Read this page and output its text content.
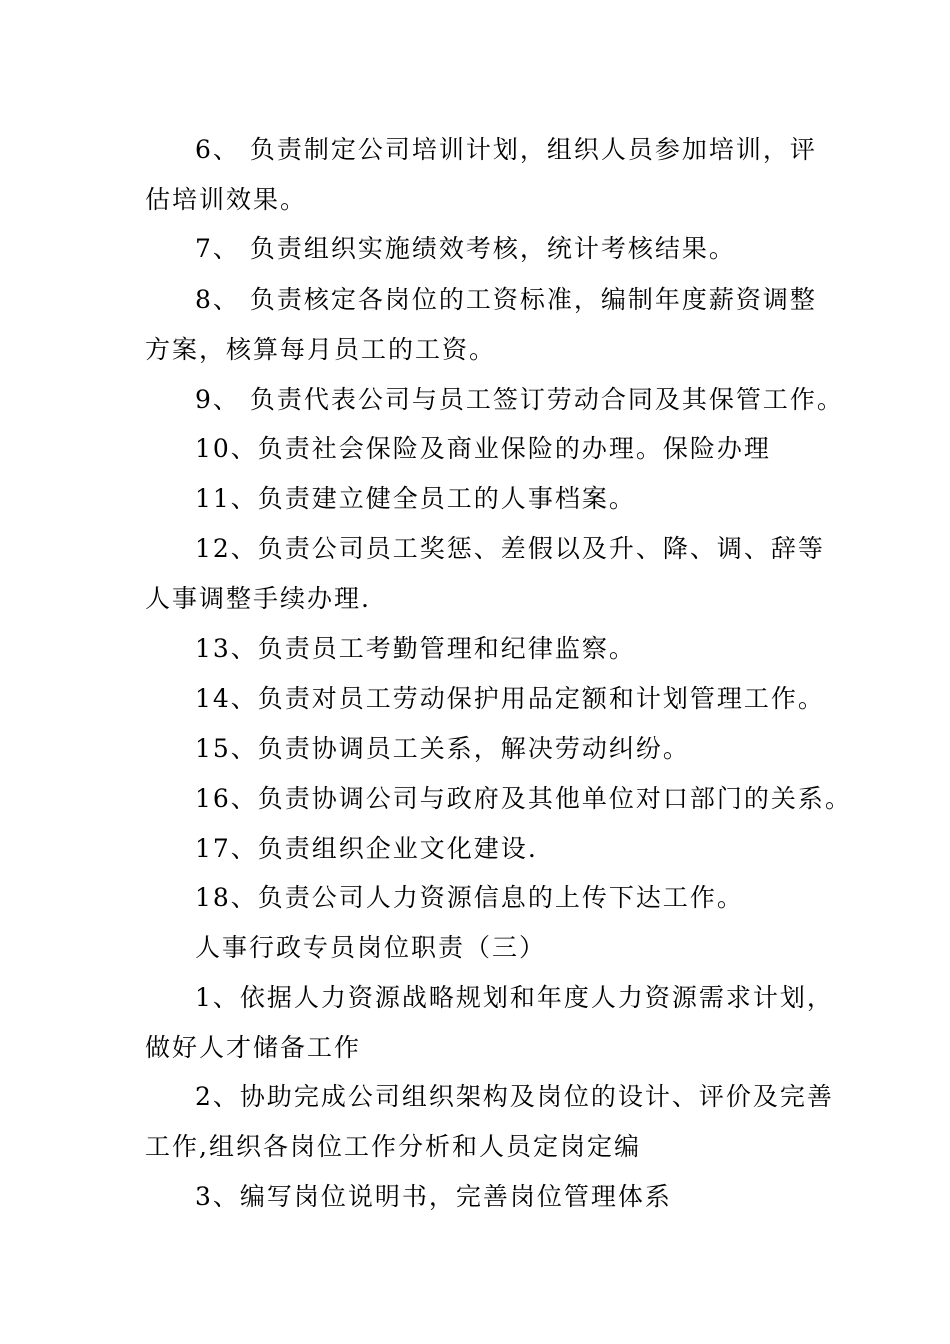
6、 负责制定公司培训计划，组织人员参加培训，评
估培训效果。
7、 负责组织实施绩效考核，统计考核结果。
8、 负责核定各岗位的工资标准，编制年度薪资调整
方案，核算每月员工的工资。
9、 负责代表公司与员工签订劳动合同及其保管工作。
10、负责社会保险及商业保险的办理。保险办理
11、负责建立健全员工的人事档案。
12、负责公司员工奖惩、差假以及升、降、调、辞等
人事调整手续办理.
13、负责员工考勤管理和纪律监察。
14、负责对员工劳动保护用品定额和计划管理工作。
15、负责协调员工关系，解决劳动纠纷。
16、负责协调公司与政府及其他单位对口部门的关系。
17、负责组织企业文化建设.
18、负责公司人力资源信息的上传下达工作。
人事行政专员岗位职责（三）
1、依据人力资源战略规划和年度人力资源需求计划，
做好人才储备工作
2、协助完成公司组织架构及岗位的设计、评价及完善
工作,组织各岗位工作分析和人员定岗定编
3、编写岗位说明书，完善岗位管理体系
